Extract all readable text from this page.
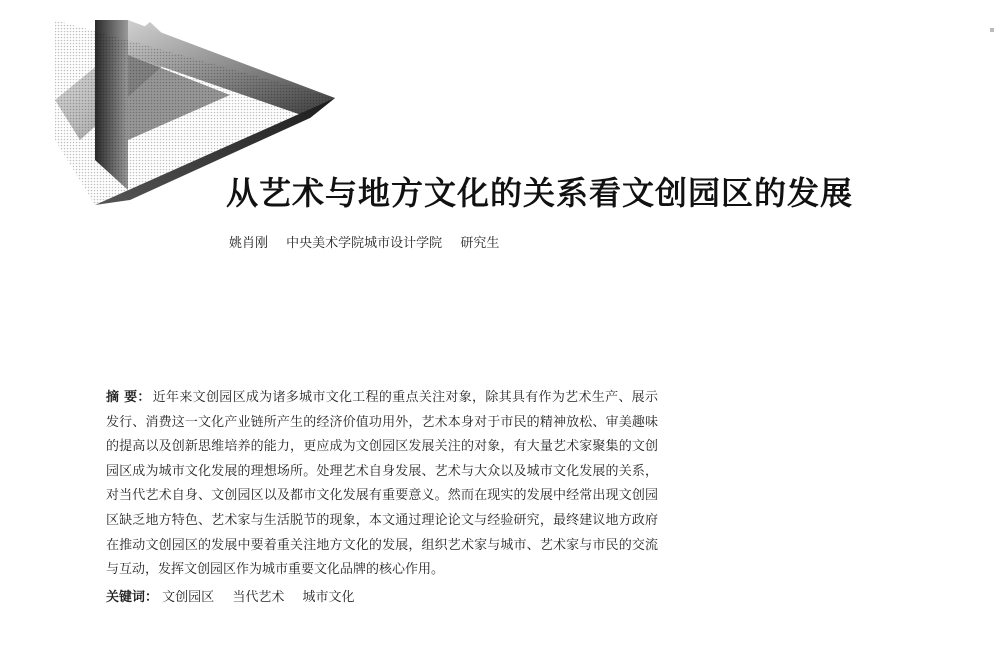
从艺术与地方文化的关系看文创园区的发展
姚肖刚 中央美术学院城市设计学院 研究生
摘 要： 近年来文创园区成为诸多城市文化工程的重点关注对象，除其具有作为艺术生产、展示发行、消费这一文化产业链所产生的经济价值功用外，艺术本身对于市民的精神放松、审美趣味的提高以及创新思维培养的能力，更应成为文创园区发展关注的对象，有大量艺术家聚集的文创园区成为城市文化发展的理想场所。处理艺术自身发展、艺术与大众以及城市文化发展的关系，对当代艺术自身、文创园区以及都市文化发展有重要意义。然而在现实的发展中经常出现文创园区缺乏地方特色、艺术家与生活脱节的现象，本文通过理论论文与经验研究，最终建议地方政府在推动文创园区的发展中要着重关注地方文化的发展，组织艺术家与城市、艺术家与市民的交流与互动，发挥文创园区作为城市重要文化品牌的核心作用。
关键词： 文创园区 当代艺术 城市文化
